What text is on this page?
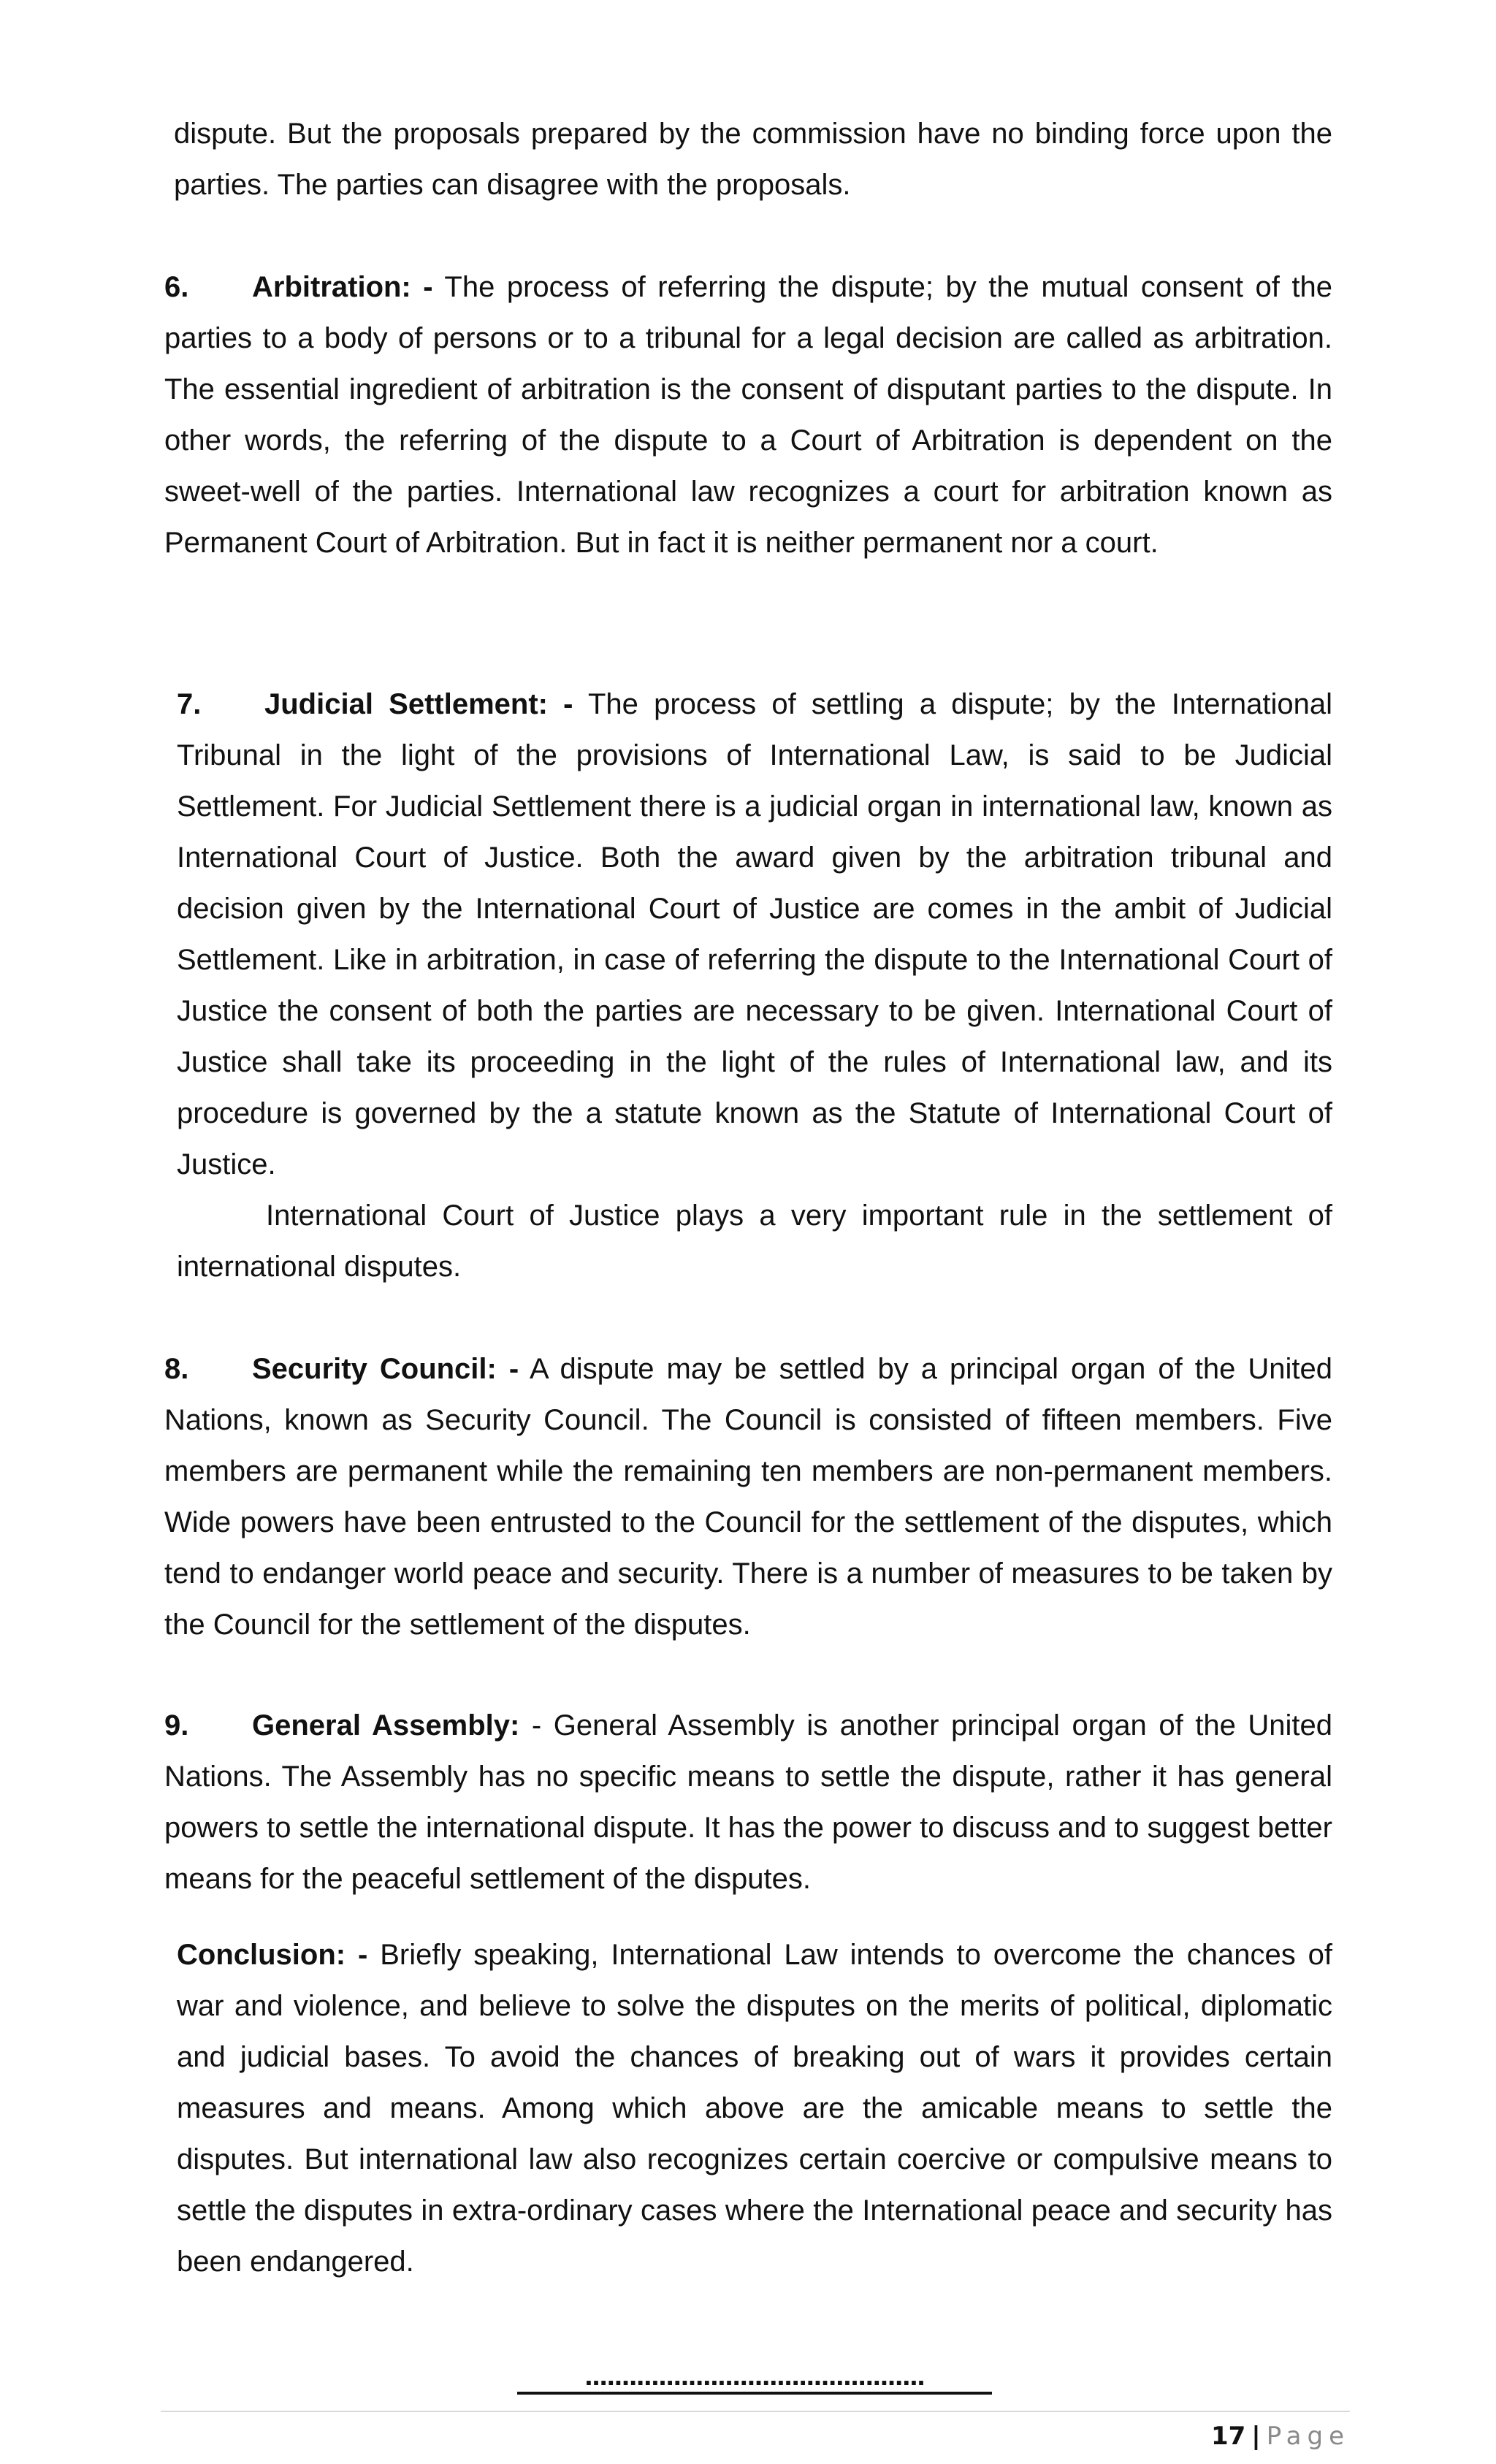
dispute. But the proposals prepared by the commission have no binding force upon the parties. The parties can disagree with the proposals.

6. Arbitration: - The process of referring the dispute; by the mutual consent of the parties to a body of persons or to a tribunal for a legal decision are called as arbitration. The essential ingredient of arbitration is the consent of disputant parties to the dispute. In other words, the referring of the dispute to a Court of Arbitration is dependent on the sweet-well of the parties. International law recognizes a court for arbitration known as Permanent Court of Arbitration. But in fact it is neither permanent nor a court.

7. Judicial Settlement: - The process of settling a dispute; by the International Tribunal in the light of the provisions of International Law, is said to be Judicial Settlement. For Judicial Settlement there is a judicial organ in international law, known as International Court of Justice. Both the award given by the arbitration tribunal and decision given by the International Court of Justice are comes in the ambit of Judicial Settlement. Like in arbitration, in case of referring the dispute to the International Court of Justice the consent of both the parties are necessary to be given. International Court of Justice shall take its proceeding in the light of the rules of International law, and its procedure is governed by the a statute known as the Statute of International Court of Justice.

International Court of Justice plays a very important rule in the settlement of international disputes.

8. Security Council: - A dispute may be settled by a principal organ of the United Nations, known as Security Council. The Council is consisted of fifteen members. Five members are permanent while the remaining ten members are non-permanent members. Wide powers have been entrusted to the Council for the settlement of the disputes, which tend to endanger world peace and security. There is a number of measures to be taken by the Council for the settlement of the disputes.

9. General Assembly: - General Assembly is another principal organ of the United Nations. The Assembly has no specific means to settle the dispute, rather it has general powers to settle the international dispute. It has the power to discuss and to suggest better means for the peaceful settlement of the disputes.

Conclusion: - Briefly speaking, International Law intends to overcome the chances of war and violence, and believe to solve the disputes on the merits of political, diplomatic and judicial bases. To avoid the chances of breaking out of wars it provides certain measures and means. Among which above are the amicable means to settle the disputes. But international law also recognizes certain coercive or compulsive means to settle the disputes in extra-ordinary cases where the International peace and security has been endangered.

..............................................
17 | Page
